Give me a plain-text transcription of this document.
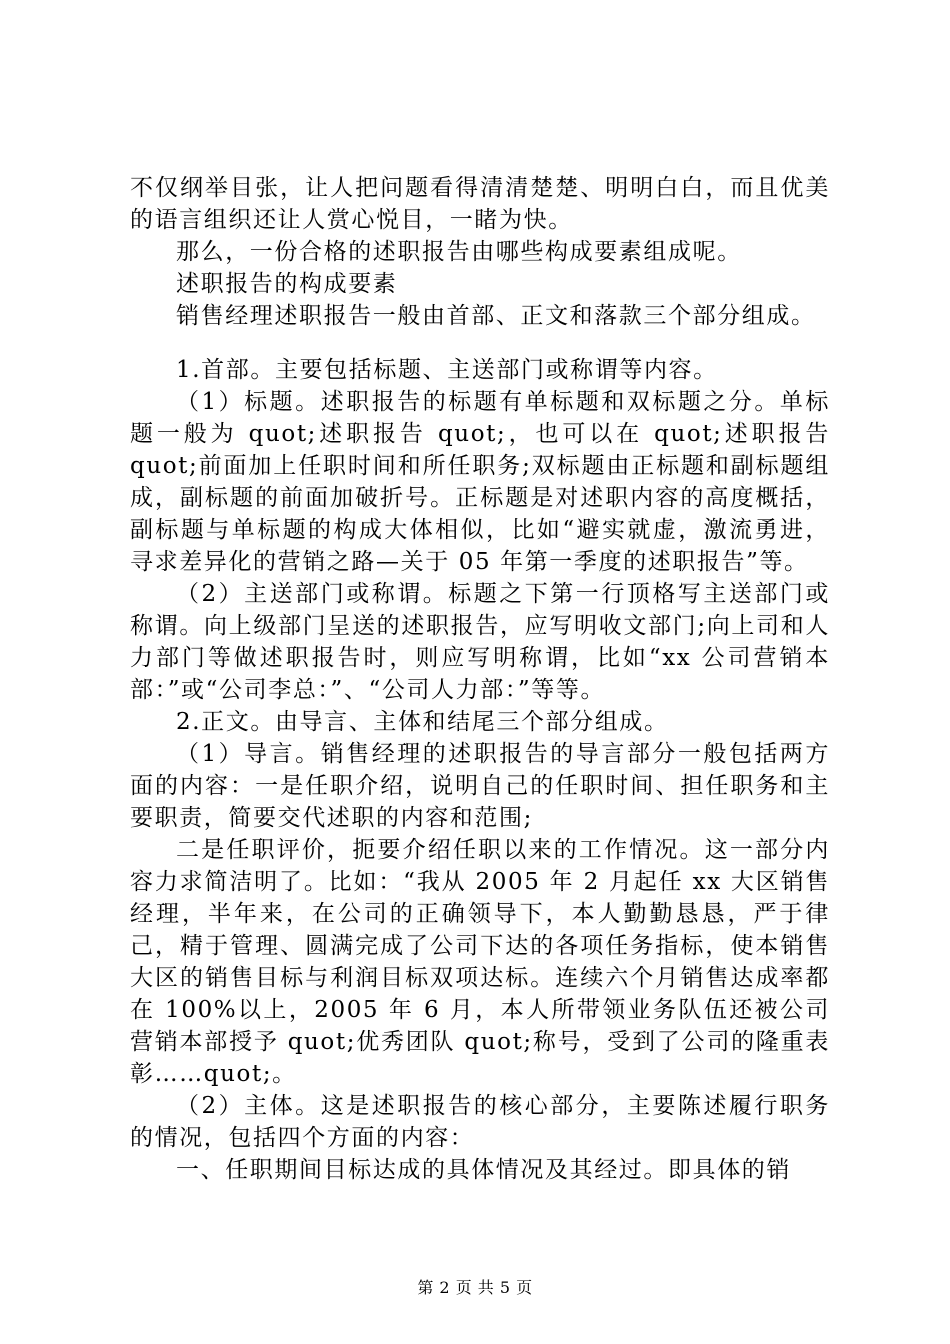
不仅纲举目张，让人把问题看得清清楚楚、明明白白，而且优美的语言组织还让人赏心悦目，一睹为快。

那么，一份合格的述职报告由哪些构成要素组成呢。

述职报告的构成要素

销售经理述职报告一般由首部、正文和落款三个部分组成。

1.首部。主要包括标题、主送部门或称谓等内容。

（1）标题。述职报告的标题有单标题和双标题之分。单标题一般为 quot;述职报告 quot;，也可以在 quot;述职报告 quot;前面加上任职时间和所任职务;双标题由正标题和副标题组成，副标题的前面加破折号。正标题是对述职内容的高度概括，副标题与单标题的构成大体相似，比如“避实就虚，激流勇进，寻求差异化的营销之路—关于 05 年第一季度的述职报告”等。

（2）主送部门或称谓。标题之下第一行顶格写主送部门或称谓。向上级部门呈送的述职报告，应写明收文部门;向上司和人力部门等做述职报告时，则应写明称谓，比如“xx 公司营销本部：”或“公司李总：”、“公司人力部：”等等。

2.正文。由导言、主体和结尾三个部分组成。

（1）导言。销售经理的述职报告的导言部分一般包括两方面的内容：一是任职介绍，说明自己的任职时间、担任职务和主要职责，简要交代述职的内容和范围;

二是任职评价，扼要介绍任职以来的工作情况。这一部分内容力求简洁明了。比如：“我从 2005 年 2 月起任 xx 大区销售经理，半年来，在公司的正确领导下，本人勤勤恳恳，严于律己，精于管理、圆满完成了公司下达的各项任务指标，使本销售大区的销售目标与利润目标双项达标。连续六个月销售达成率都在 100%以上，2005 年 6 月，本人所带领业务队伍还被公司营销本部授予 quot;优秀团队 quot;称号，受到了公司的隆重表彰……quot;。

（2）主体。这是述职报告的核心部分，主要陈述履行职务的情况，包括四个方面的内容：

一、任职期间目标达成的具体情况及其经过。即具体的销

第 2 页 共 5 页
